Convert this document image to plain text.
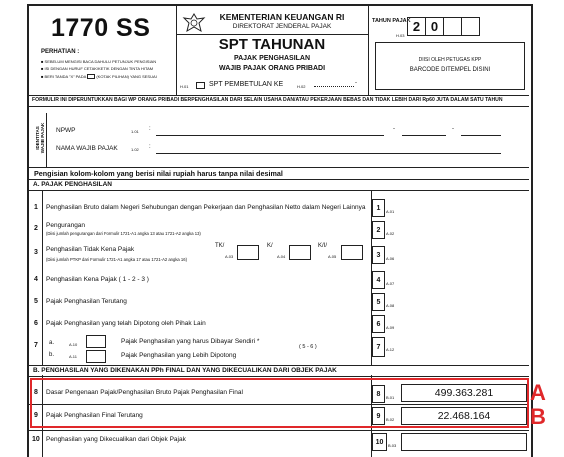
1770 SS
PERHATIAN :
■ SEBELUM MENGISI BACA DAHULU PETUNJUK PENGISIAN
■ ISI DENGAN HURUF CETAK/KETIK DENGAN TINTA HITAM
■ BERI TANDA "X" PADA	(KOTAK PILIHAN) YANG SESUAI
KEMENTERIAN KEUANGAN RI
DIREKTORAT JENDERAL PAJAK
SPT TAHUNAN
PAJAK PENGHASILAN
WAJIB PAJAK ORANG PRIBADI
H.01	SPT PEMBETULAN KE	H.02
-
TAHUN PAJAK
H.03
2 0
DIISI OLEH PETUGAS KPP
BARCODE DITEMPEL DISINI
FORMULIR INI DIPERUNTUKKAN BAGI WP ORANG PRIBADI BERPENGHASILAN DARI SELAIN USAHA DAN/ATAU PEKERJAAN BEBAS DAN TIDAK LEBIH DARI Rp60 JUTA DALAM SATU TAHUN
IDENTITAS WAJIB PAJAK NPWP	1.01 :	-	-
NAMA WAJIB PAJAK	1.02 :
Pengisian kolom-kolom yang berisi nilai rupiah harus tanpa nilai desimal
A. PAJAK PENGHASILAN
1 Penghasilan Bruto dalam Negeri Sehubungan dengan Pekerjaan dan Penghasilan Netto dalam Negeri Lainnya 1 A.01
2 Pengurangan
(Diisi jumlah pengurangan dari Formulir 1721-A1 angka 13 atau 1721-A2 angka 13)	2 A.02
3 Penghasilan Tidak Kena Pajak
(Diisi jumlah PTKP dari Formulir 1721-A1 angka 17 atau 1721-A2 angka 16)
TK/
A.03
K/
A.04
K/I/
A.05	3 A.06
4 Penghasilan Kena Pajak ( 1 - 2 - 3 )	4 A.07
5 Pajak Penghasilan Terutang	5 A.08
6 Pajak Penghasilan yang telah Dipotong oleh Pihak Lain	6 A.09
7 a.	A.10	Pajak Penghasilan yang harus Dibayar Sendiri *
( 5 - 6 )
b.	A.11	Pajak Penghasilan yang Lebih Dipotong
7 A.12
B. PENGHASILAN YANG DIKENAKAN PPh FINAL DAN YANG DIKECUALIKAN DARI OBJEK PAJAK
8 Dasar Pengenaan Pajak/Penghasilan Bruto Pajak Penghasilan Final	8 B.01	499.363.281
9 Pajak Penghasilan Final Terutang	9 B.02	22.468.164
10 Penghasilan yang Dikecualikan dari Objek Pajak	10 B.03
A
B
